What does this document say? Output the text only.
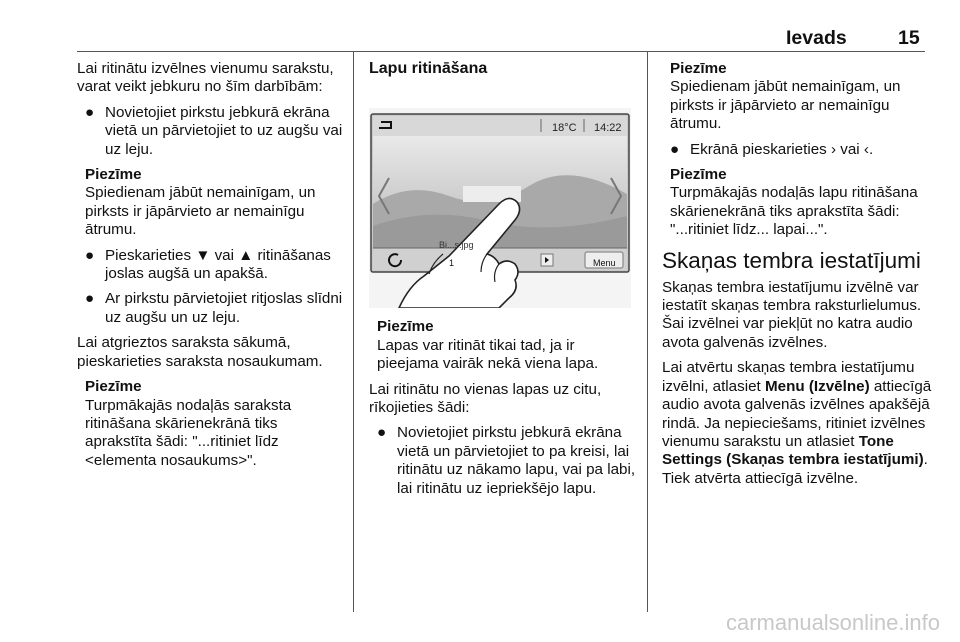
Ievads	15

Lai ritinātu izvēlnes vienumu sarakstu, varat veikt jebkuru no šīm darbībām:

● Novietojiet pirkstu jebkurā ekrāna vietā un pārvietojiet to uz augšu vai uz leju.
Piezīme
Spiedienam jābūt nemainīgam, un pirksts ir jāpārvieto ar nemainīgu ātrumu.
● Pieskarieties ▼ vai ▲ ritināšanas joslas augšā un apakšā.
● Ar pirkstu pārvietojiet ritjoslas slīdni uz augšu un uz leju.

Lai atgrieztos saraksta sākumā, pieskarieties saraksta nosaukumam.

Piezīme
Turpmākajās nodaļās saraksta ritināšana skārienekrānā tiks aprakstīta šādi: "...ritiniet līdz <elementa nosaukums>".
Lapu ritināšana
18°C 14:22
Bi...s.jpg
1	Menu
Piezīme
Lapas var ritināt tikai tad, ja ir pieejama vairāk nekā viena lapa.

Lai ritinātu no vienas lapas uz citu, rīkojieties šādi:

● Novietojiet pirkstu jebkurā ekrāna vietā un pārvietojiet to pa kreisi, lai ritinātu uz nākamo lapu, vai pa labi, lai ritinātu uz iepriekšējo lapu.
Piezīme
Spiedienam jābūt nemainīgam, un pirksts ir jāpārvieto ar nemainīgu ātrumu.
● Ekrānā pieskarieties › vai ‹.
Piezīme
Turpmākajās nodaļās lapu ritināšana skārienekrānā tiks aprakstīta šādi: "...ritiniet līdz... lapai...".
Skaņas tembra iestatījumi

Skaņas tembra iestatījumu izvēlnē var iestatīt skaņas tembra raksturlielumus. Šai izvēlnei var piekļūt no katra audio avota galvenās izvēlnes.

Lai atvērtu skaņas tembra iestatījumu izvēlni, atlasiet Menu (Izvēlne) attiecīgā audio avota galvenās izvēlnes apakšējā rindā. Ja nepieciešams, ritiniet izvēlnes vienumu sarakstu un atlasiet Tone Settings (Skaņas tembra iestatījumi). Tiek atvērta attiecīgā izvēlne.

carmanualsonline.info
